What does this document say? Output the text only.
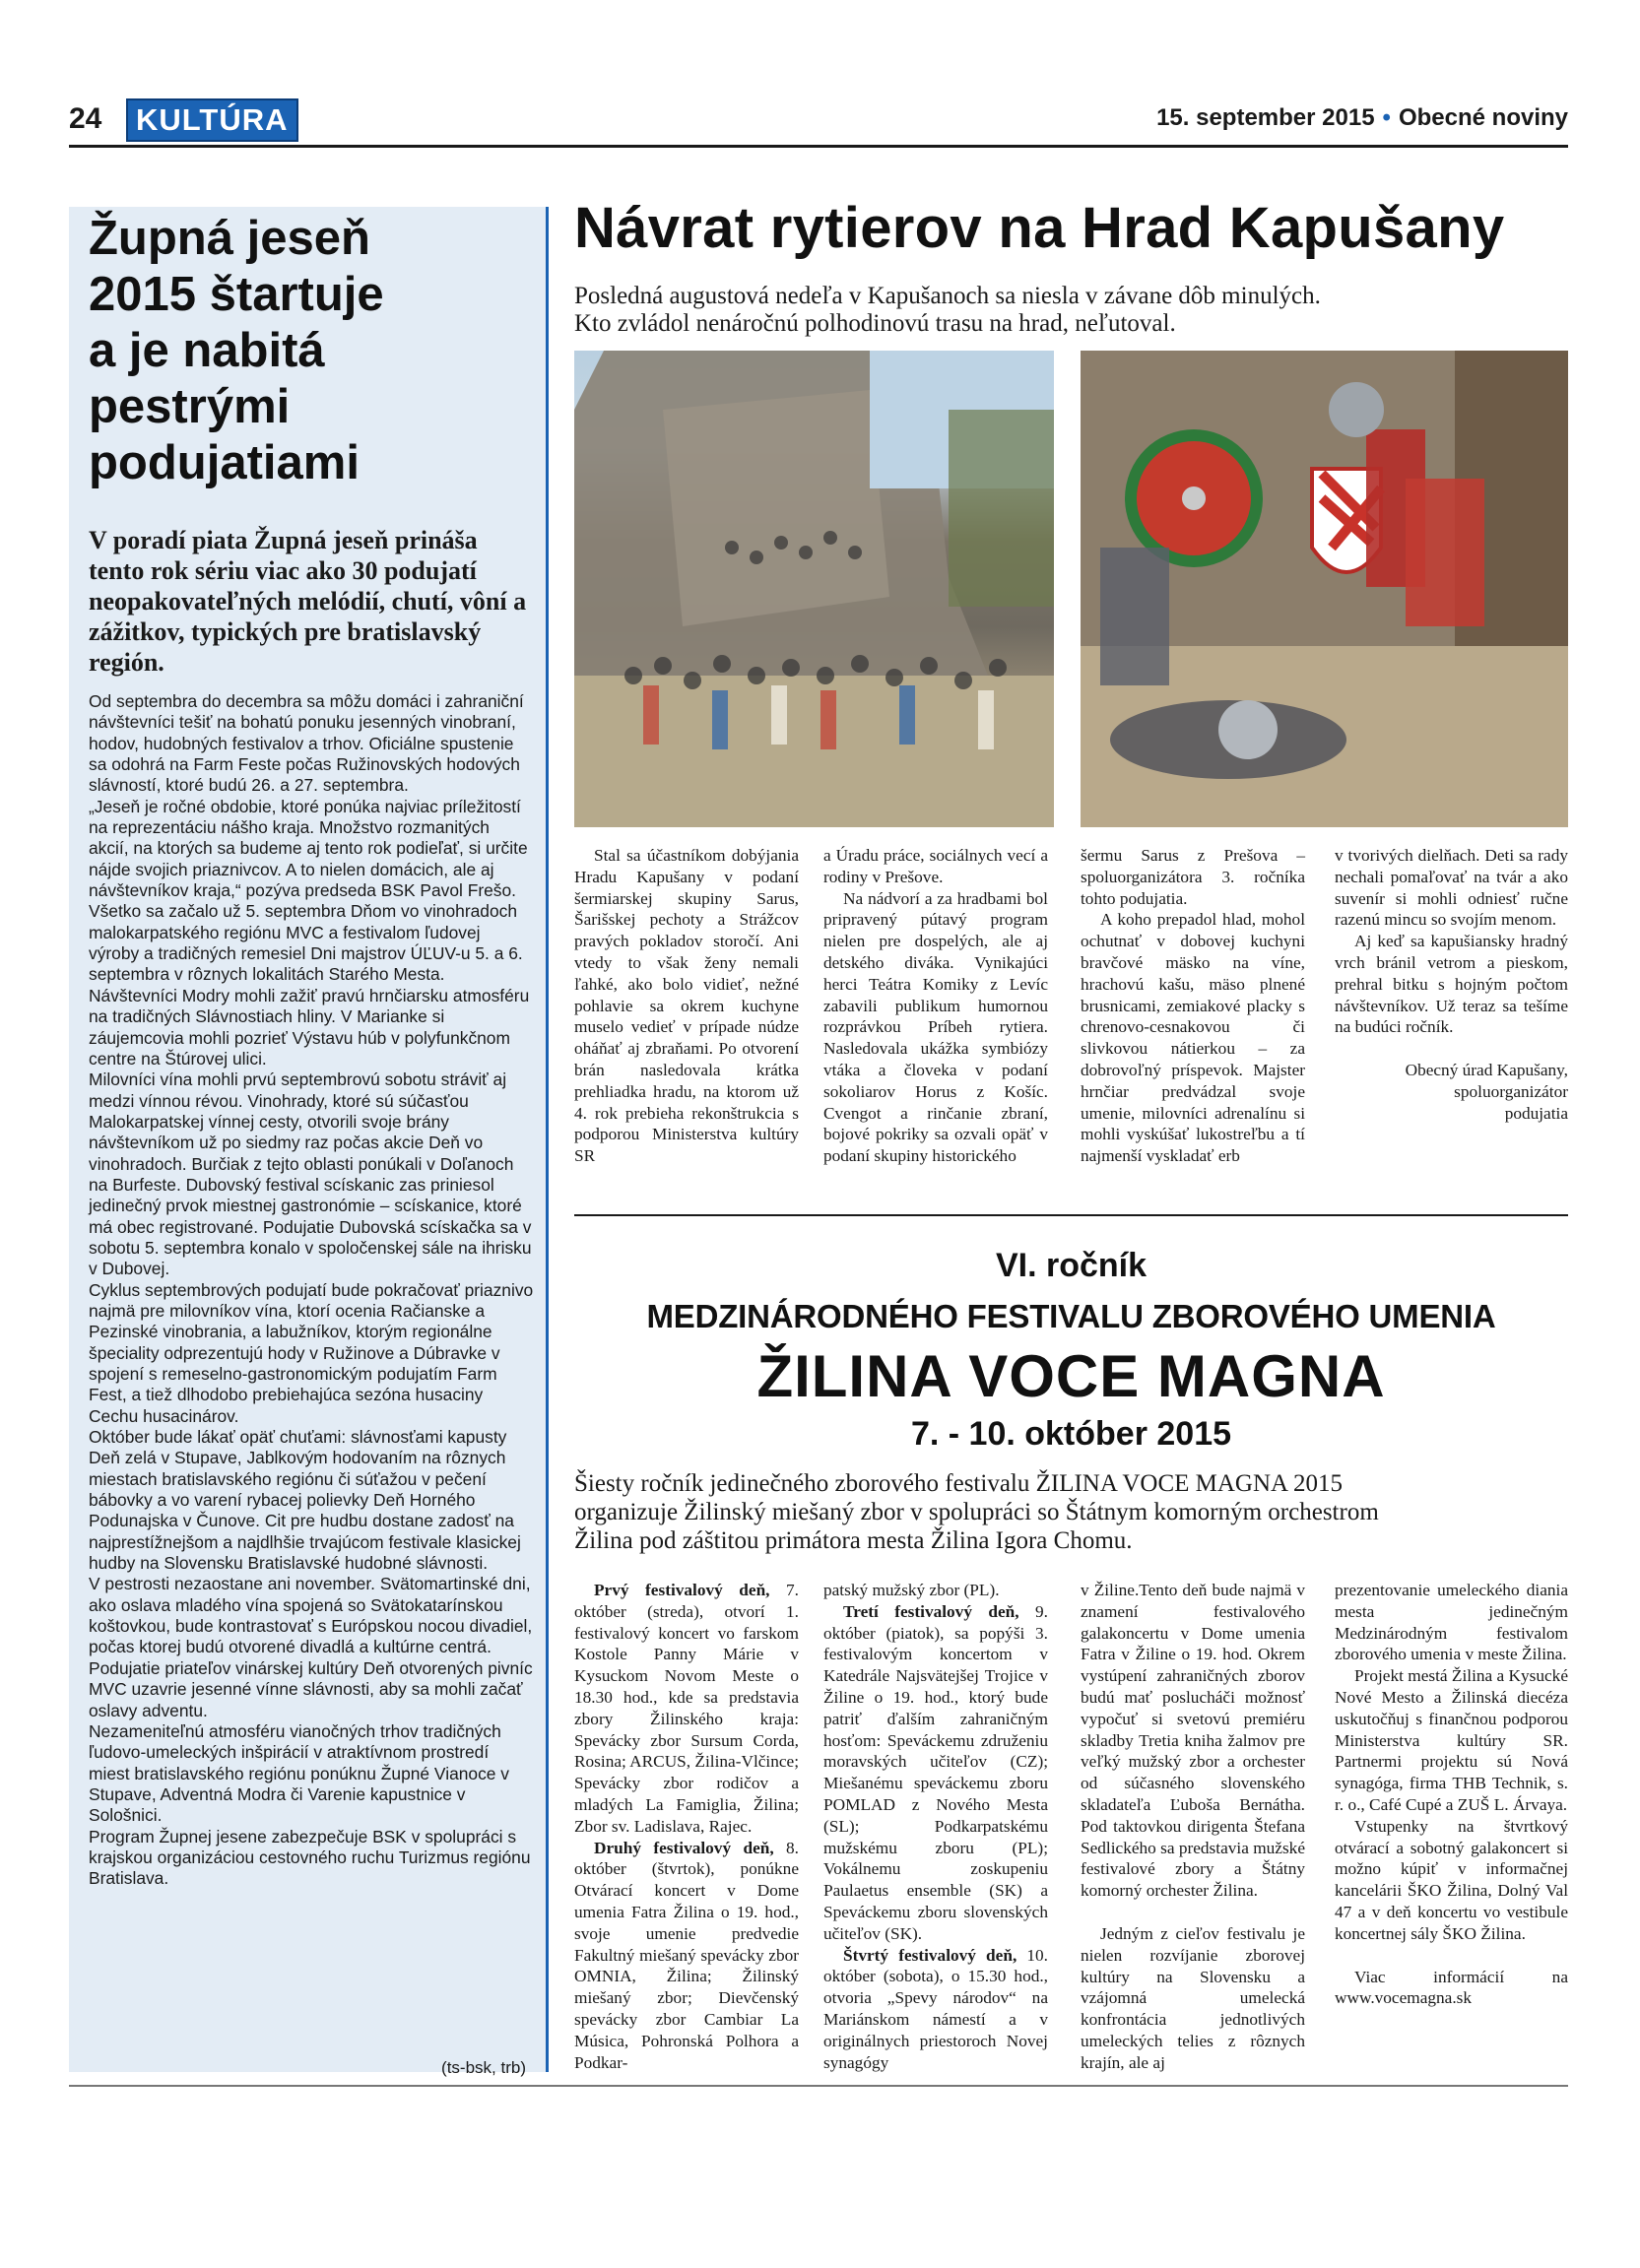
24	KULTÚRA	15. september 2015 • Obecné noviny
Župná jeseň
2015 štartuje
a je nabitá
pestrými
podujatiami
V poradí piata Župná jeseň prináša tento rok sériu viac ako 30 podujatí neopakovateľných melódií, chutí, vôní a zážitkov, typických pre bratislavský región.

Od septembra do decembra sa môžu domáci i zahraniční návštevníci tešiť na bohatú ponuku jesenných vinobraní, hodov, hudobných festivalov a trhov. Oficiálne spustenie sa odohrá na Farm Feste počas Ružinovských hodových slávností, ktoré budú 26. a 27. septembra.

„Jeseň je ročné obdobie, ktoré ponúka najviac príležitostí na reprezentáciu nášho kraja. Množstvo rozmanitých akcií, na ktorých sa budeme aj tento rok podieľať, si určite nájde svojich priaznivcov. A to nielen domácich, ale aj návštevníkov kraja,“ pozýva predseda BSK Pavol Frešo.

Všetko sa začalo už 5. septembra Dňom vo vinohradoch malokarpatského regiónu MVC a festivalom ľudovej výroby a tradičných remesiel Dni majstrov ÚĽUV-u 5. a 6. septembra v rôznych lokalitách Starého Mesta. Návštevníci Modry mohli zažiť pravú hrnčiarsku atmosféru na tradičných Slávnostiach hliny. V Marianke si záujemcovia mohli pozrieť Výstavu húb v polyfunkčnom centre na Štúrovej ulici.

Milovníci vína mohli prvú septembrovú sobotu stráviť aj medzi vínnou révou. Vinohrady, ktoré sú súčasťou Malokarpatskej vínnej cesty, otvorili svoje brány návštevníkom už po siedmy raz počas akcie Deň vo vinohradoch. Burčiak z tejto oblasti ponúkali v Doľanoch na Burfeste. Dubovský festival scískanic zas priniesol jedinečný prvok miestnej gastronómie – scískanice, ktoré má obec registrované. Podujatie Dubovská scískačka sa v sobotu 5. septembra konalo v spoločenskej sále na ihrisku v Dubovej.

Cyklus septembrových podujatí bude pokračovať priaznivo najmä pre milovníkov vína, ktorí ocenia Račianske a Pezinské vinobrania, a labužníkov, ktorým regionálne špeciality odprezentujú hody v Ružinove a Dúbravke v spojení s remeselno-gastronomickým podujatím Farm Fest, a tiež dlhodobo prebiehajúca sezóna husaciny Cechu husacinárov.

Október bude lákať opäť chuťami: slávnosťami kapusty Deň zelá v Stupave, Jablkovým hodovaním na rôznych miestach bratislavského regiónu či súťažou v pečení bábovky a vo varení rybacej polievky Deň Horného Podunajska v Čunove. Cit pre hudbu dostane zadosť na najprestížnejšom a najdlhšie trvajúcom festivale klasickej hudby na Slovensku Bratislavské hudobné slávnosti.

V pestrosti nezaostane ani november. Svätomartinské dni, ako oslava mladého vína spojená so Svätokatarínskou koštovkou, bude kontrastovať s Európskou nocou divadiel, počas ktorej budú otvorené divadlá a kultúrne centrá. Podujatie priateľov vinárskej kultúry Deň otvorených pivníc MVC uzavrie jesenné vínne slávnosti, aby sa mohli začať oslavy adventu.

Nezameniteľnú atmosféru vianočných trhov tradičných ľudovo-umeleckých inšpirácií v atraktívnom prostredí miest bratislavského regiónu ponúknu Župné Vianoce v Stupave, Adventná Modra či Varenie kapustnice v Sološnici.

Program Župnej jesene zabezpečuje BSK v spolupráci s krajskou organizáciou cestovného ruchu Turizmus regiónu Bratislava.

(ts-bsk, trb)
Návrat rytierov na Hrad Kapušany

Posledná augustová nedeľa v Kapušanoch sa niesla v závane dôb minulých.

Kto zvládol nenáročnú polhodinovú trasu na hrad, neľutoval.

Stal sa účastníkom dobýjania Hradu Kapušany v podaní šermiarskej skupiny Sarus, Šarišskej pechoty a Strážcov pravých pokladov storočí. Ani vtedy to však ženy nemali ľahké, ako bolo vidieť, nežné pohlavie sa okrem kuchyne muselo vedieť v prípade núdze oháňať aj zbraňami. Po otvorení brán nasledovala krátka prehliadka hradu, na ktorom už 4. rok prebieha rekonštrukcia s podporou Ministerstva kultúry SR

a Úradu práce, sociálnych vecí a rodiny v Prešove.

Na nádvorí a za hradbami bol pripravený pútavý program nielen pre dospelých, ale aj detského diváka. Vynikajúci herci Teátra Komiky z Levíc zabavili publikum humornou rozprávkou Príbeh rytiera. Nasledovala ukážka symbiózy vtáka a človeka v podaní sokoliarov Horus z Košíc. Cvengot a rinčanie zbraní, bojové pokriky sa ozvali opäť v podaní skupiny historického

šermu Sarus z Prešova – spoluorganizátora 3. ročníka tohto podujatia.

A koho prepadol hlad, mohol ochutnať v dobovej kuchyni bravčové mäsko na víne, hrachovú kašu, mäso plnené brusnicami, zemiakové placky s chrenovo-cesnakovou či slivkovou nátierkou – za dobrovoľný príspevok. Majster hrnčiar predvádzal svoje umenie, milovníci adrenalínu si mohli vyskúšať lukostreľbu a tí najmenší vyskladať erb

v tvorivých dielňach. Deti sa rady nechali pomaľovať na tvár a ako suvenír si mohli odniesť ručne razenú mincu so svojím menom.

Aj keď sa kapušiansky hradný vrch bránil vetrom a pieskom, prehral bitku s hojným počtom návštevníkov. Už teraz sa tešíme na budúci ročník.

Obecný úrad Kapušany,
spoluorganizátor
podujatia

VI. ročník
MEDZINÁRODNÉHO FESTIVALU ZBOROVÉHO UMENIA
ŽILINA VOCE MAGNA
7. - 10. október 2015

Šiesty ročník jedinečného zborového festivalu ŽILINA VOCE MAGNA 2015

organizuje Žilinský miešaný zbor v spolupráci so Štátnym komorným orchestrom

Žilina pod záštitou primátora mesta Žilina Igora Chomu.

Prvý festivalový deň, 7. október (streda), otvorí 1. festivalový koncert vo farskom Kostole Panny Márie v Kysuckom Novom Meste o 18.30 hod., kde sa predstavia zbory Žilinského kraja: Spevácky zbor Sursum Corda, Rosina; ARCUS, Žilina-Vlčince; Spevácky zbor rodičov a mladých La Famiglia, Žilina; Zbor sv. Ladislava, Rajec.

Druhý festivalový deň, 8. október (štvrtok), ponúkne Otvárací koncert v Dome umenia Fatra Žilina o 19. hod., svoje umenie predvedie Fakultný miešaný spevácky zbor OMNIA, Žilina; Žilinský miešaný zbor; Dievčenský spevácky zbor Cambiar La Música, Pohronská Polhora a Podkar-

patský mužský zbor (PL).

Tretí festivalový deň, 9. október (piatok), sa popýši 3. festivalovým koncertom v Katedrále Najsvätejšej Trojice v Žiline o 19. hod., ktorý bude patriť ďalším zahraničným hosťom: Speváckemu združeniu moravských učiteľov (CZ); Miešanému speváckemu zboru POMLAD z Nového Mesta (SL); Podkarpatskému mužskému zboru (PL); Vokálnemu zoskupeniu Paulaetus ensemble (SK) a Speváckemu zboru slovenských učiteľov (SK).

Štvrtý festivalový deň, 10. október (sobota), o 15.30 hod., otvoria „Spevy národov“ na Mariánskom námestí a v originálnych priestoroch Novej synagógy

v Žiline.Tento deň bude najmä v znamení festivalového galakoncertu v Dome umenia Fatra v Žiline o 19. hod. Okrem vystúpení zahraničných zborov budú mať poslucháči možnosť vypočuť si svetovú premiéru skladby Tretia kniha žalmov pre veľký mužský zbor a orchester od súčasného slovenského skladateľa Ľuboša Bernátha. Pod taktovkou dirigenta Štefana Sedlického sa predstavia mužské festivalové zbory a Štátny komorný orchester Žilina.

Jedným z cieľov festivalu je nielen rozvíjanie zborovej kultúry na Slovensku a vzájomná umelecká konfrontácia jednotlivých umeleckých telies z rôznych krajín, ale aj

prezentovanie umeleckého diania mesta jedinečným Medzinárodným festivalom zborového umenia v meste Žilina.

Projekt mestá Žilina a Kysucké Nové Mesto a Žilinská diecéza uskutočňuj s finančnou podporou Ministerstva kultúry SR. Partnermi projektu sú Nová synagóga, firma THB Technik, s. r. o., Café Cupé a ZUŠ L. Árvaya.

Vstupenky na štvrtkový otvárací a sobotný galakoncert si možno kúpiť v informačnej kancelárii ŠKO Žilina, Dolný Val 47 a v deň koncertu vo vestibule koncertnej sály ŠKO Žilina.

Viac informácií na www.vocemagna.sk
